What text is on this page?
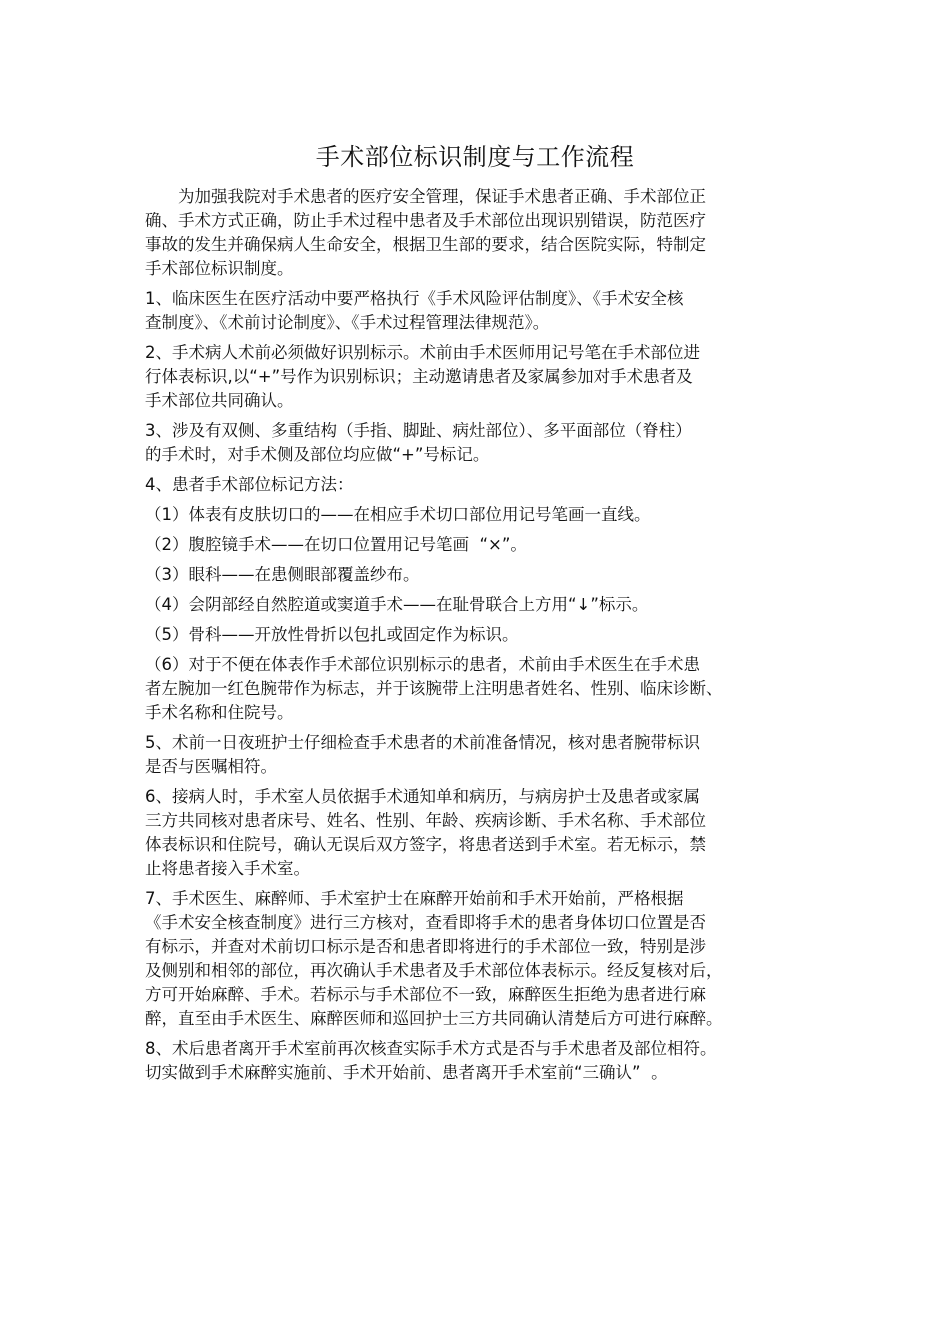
手术部位标识制度与工作流程
为加强我院对手术患者的医疗安全管理，保证手术患者正确、手术部位正
确、手术方式正确，防止手术过程中患者及手术部位出现识别错误，防范医疗
事故的发生并确保病人生命安全，根据卫生部的要求，结合医院实际，特制定
手术部位标识制度。
1、临床医生在医疗活动中要严格执行《手术风险评估制度》、《手术安全核
查制度》、《术前讨论制度》、《手术过程管理法律规范》。
2、手术病人术前必须做好识别标示。术前由手术医师用记号笔在手术部位进
行体表标识,以“+”号作为识别标识；主动邀请患者及家属参加对手术患者及
手术部位共同确认。
3、涉及有双侧、多重结构（手指、脚趾、病灶部位）、多平面部位（脊柱）
的手术时，对手术侧及部位均应做“+”号标记。
4、患者手术部位标记方法：
（1）体表有皮肤切口的——在相应手术切口部位用记号笔画一直线。
（2）腹腔镜手术——在切口位置用记号笔画  “×”。
（3）眼科——在患侧眼部覆盖纱布。
（4）会阴部经自然腔道或窦道手术——在耻骨联合上方用“↓”标示。
（5）骨科——开放性骨折以包扎或固定作为标识。
（6）对于不便在体表作手术部位识别标示的患者，术前由手术医生在手术患
者左腕加一红色腕带作为标志，并于该腕带上注明患者姓名、性别、临床诊断、
手术名称和住院号。
5、术前一日夜班护士仔细检查手术患者的术前准备情况，核对患者腕带标识
是否与医嘱相符。
6、接病人时，手术室人员依据手术通知单和病历，与病房护士及患者或家属
三方共同核对患者床号、姓名、性别、年龄、疾病诊断、手术名称、手术部位
体表标识和住院号，确认无误后双方签字，将患者送到手术室。若无标示，禁
止将患者接入手术室。
7、手术医生、麻醉师、手术室护士在麻醉开始前和手术开始前，严格根据
《手术安全核查制度》进行三方核对，查看即将手术的患者身体切口位置是否
有标示，并查对术前切口标示是否和患者即将进行的手术部位一致，特别是涉
及侧别和相邻的部位，再次确认手术患者及手术部位体表标示。经反复核对后，
方可开始麻醉、手术。若标示与手术部位不一致，麻醉医生拒绝为患者进行麻
醉，直至由手术医生、麻醉医师和巡回护士三方共同确认清楚后方可进行麻醉。
8、术后患者离开手术室前再次核查实际手术方式是否与手术患者及部位相符。
切实做到手术麻醉实施前、手术开始前、患者离开手术室前“三确认”  。
